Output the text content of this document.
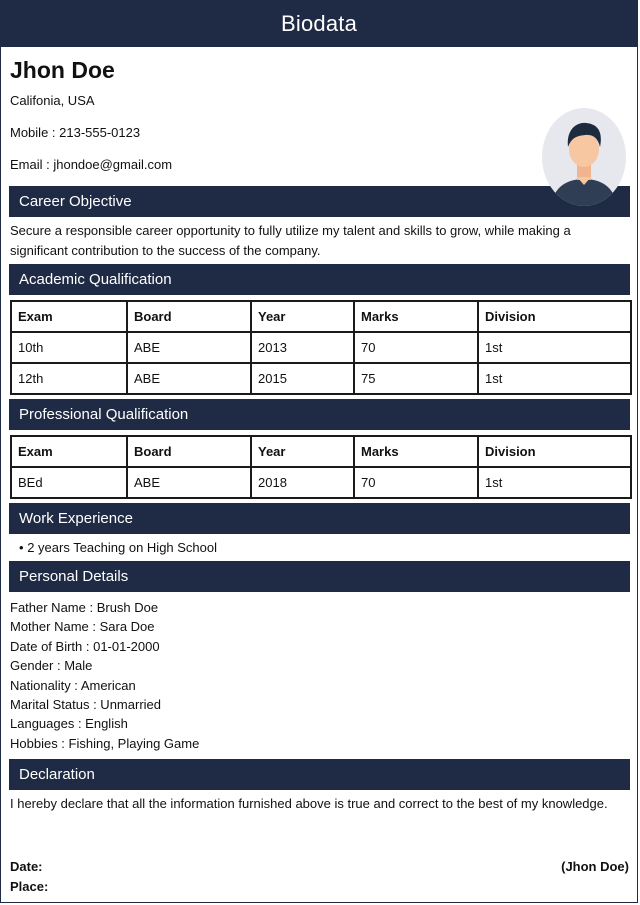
Biodata
Jhon Doe
Califonia, USA
Mobile : 213-555-0123
Email : jhondoe@gmail.com
Career Objective
Secure a responsible career opportunity to fully utilize my talent and skills to grow, while making a significant contribution to the success of the company.
Academic Qualification
Exam	Board	Year	Marks	Division
10th	ABE	2013	70	1st
12th	ABE	2015	75	1st
Professional Qualification
Exam	Board	Year	Marks	Division
BEd	ABE	2018	70	1st
Work Experience
• 2 years Teaching on High School
Personal Details
Father Name : Brush Doe
Mother Name : Sara Doe
Date of Birth : 01-01-2000
Gender : Male
Nationality : American
Marital Status : Unmarried
Languages : English
Hobbies : Fishing, Playing Game
Declaration
I hereby declare that all the information furnished above is true and correct to the best of my knowledge.
Date:
Place:
(Jhon Doe)
